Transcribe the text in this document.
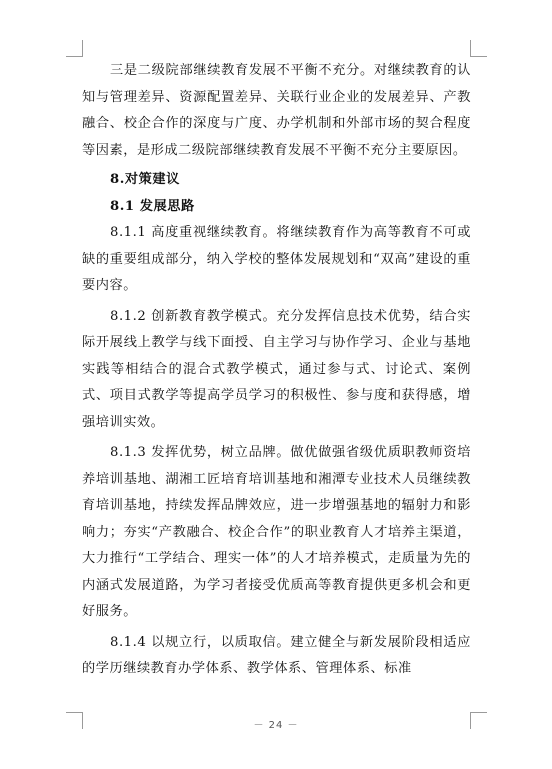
三是二级院部继续教育发展不平衡不充分。对继续教育的认知与管理差异、资源配置差异、关联行业企业的发展差异、产教融合、校企合作的深度与广度、办学机制和外部市场的契合程度等因素，是形成二级院部继续教育发展不平衡不充分主要原因。

8.对策建议

8.1 发展思路

8.1.1 高度重视继续教育。将继续教育作为高等教育不可或缺的重要组成部分，纳入学校的整体发展规划和“双高”建设的重要内容。

8.1.2 创新教育教学模式。充分发挥信息技术优势，结合实际开展线上教学与线下面授、自主学习与协作学习、企业与基地实践等相结合的混合式教学模式，通过参与式、讨论式、案例式、项目式教学等提高学员学习的积极性、参与度和获得感，增强培训实效。

8.1.3 发挥优势，树立品牌。做优做强省级优质职教师资培养培训基地、湖湘工匠培育培训基地和湘潭专业技术人员继续教育培训基地，持续发挥品牌效应，进一步增强基地的辐射力和影响力；夯实“产教融合、校企合作”的职业教育人才培养主渠道，大力推行“工学结合、理实一体”的人才培养模式，走质量为先的内涵式发展道路，为学习者接受优质高等教育提供更多机会和更好服务。

8.1.4 以规立行，以质取信。建立健全与新发展阶段相适应的学历继续教育办学体系、教学体系、管理体系、标准

－ 24 －
